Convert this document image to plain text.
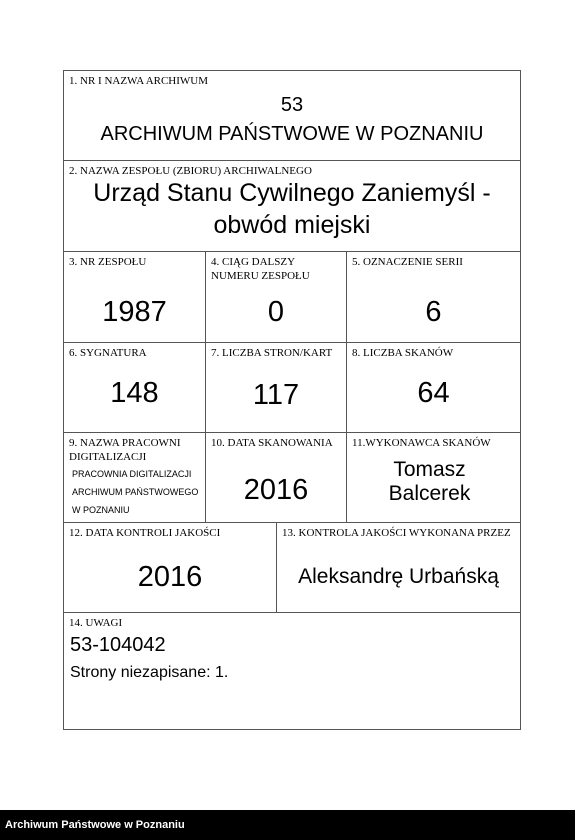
1. NR I NAZWA ARCHIWUM
53
ARCHIWUM PAŃSTWOWE W POZNANIU
2. NAZWA ZESPOŁU (ZBIORU) ARCHIWALNEGO
Urząd Stanu Cywilnego Zaniemyśl -
obwód miejski
3. NR ZESPOŁU
1987
4. CIĄG DALSZY NUMERU ZESPOŁU
0
5. OZNACZENIE SERII
6
6. SYGNATURA
148
7. LICZBA STRON/KART
117
8. LICZBA SKANÓW
64
9. NAZWA PRACOWNI DIGITALIZACJI
PRACOWNIA DIGITALIZACJI
ARCHIWUM PAŃSTWOWEGO
W POZNANIU
10. DATA SKANOWANIA
2016
11.WYKONAWCA SKANÓW
Tomasz
Balcerek
12. DATA KONTROLI JAKOŚCI
2016
13. KONTROLA JAKOŚCI WYKONANA PRZEZ
Aleksandrę Urbańską
14. UWAGI
53-104042
Strony niezapisane: 1.
Archiwum Państwowe w Poznaniu
